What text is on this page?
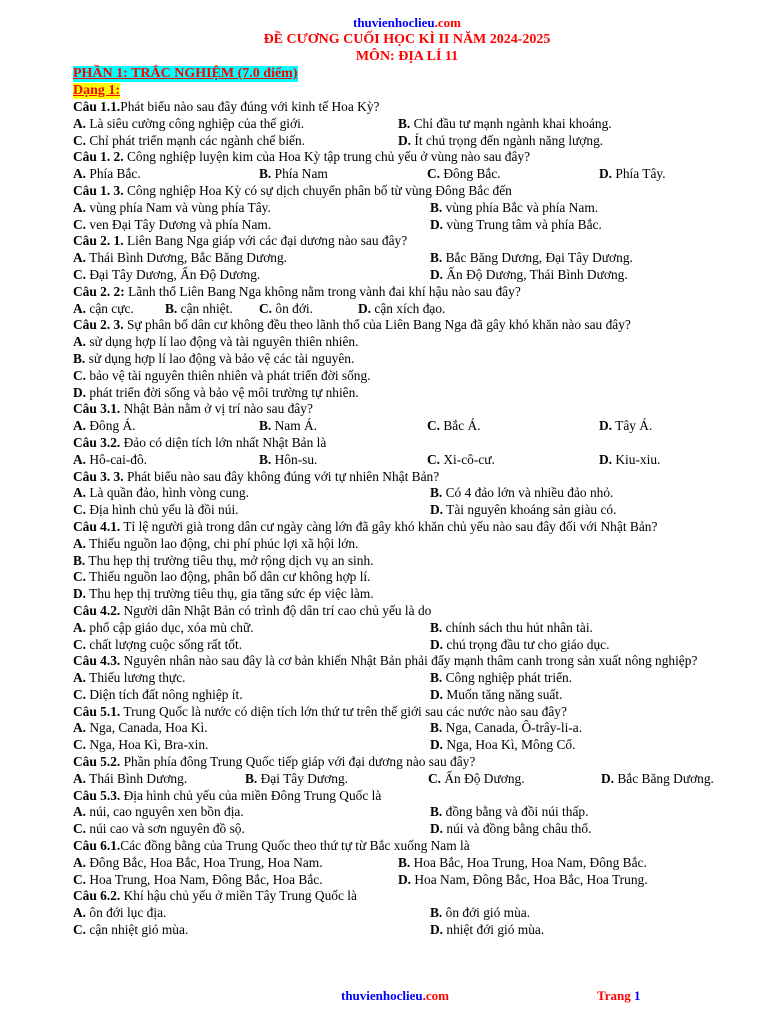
thuvienhoclieu.com
ĐỀ CƯƠNG CUỐI HỌC KÌ II NĂM 2024-2025
MÔN: ĐỊA LÍ 11
PHẦN 1: TRẮC NGHIỆM (7.0 điểm)
Dạng 1:
Câu 1.1.Phát biểu nào sau đây đúng với kinh tế Hoa Kỳ?
A. Là siêu cường công nghiệp của thế giới.	B. Chỉ đầu tư mạnh ngành khai khoáng.
C. Chỉ phát triển mạnh các ngành chế biến.	D. Ít chú trọng đến ngành năng lượng.
Câu 1. 2. Công nghiệp luyện kim của Hoa Kỳ tập trung chủ yếu ở vùng nào sau đây?
A. Phía Bắc.	B. Phía Nam	C. Đông Bắc.	D. Phía Tây.
Câu 1. 3. Công nghiệp Hoa Kỳ có sự dịch chuyển phân bố từ vùng Đông Bắc đến
A. vùng phía Nam và vùng phía Tây.	B. vùng phía Bắc và phía Nam.
C. ven Đại Tây Dương và phía Nam.	D. vùng Trung tâm và phía Bắc.
Câu 2. 1. Liên Bang Nga giáp với các đại dương nào sau đây?
A. Thái Bình Dương, Bắc Băng Dương.	B. Bắc Băng Dương, Đại Tây Dương.
C. Đại Tây Dương, Ấn Độ Dương.	D. Ấn Độ Dương, Thái Bình Dương.
Câu 2. 2: Lãnh thổ Liên Bang Nga không nằm trong vành đai khí hậu nào sau đây?
A. cận cực. B. cận nhiệt. C. ôn đới.	D. cận xích đạo.
Câu 2. 3. Sự phân bố dân cư không đều theo lãnh thổ của Liên Bang Nga đã gây khó khăn nào sau đây?
A. sử dụng hợp lí lao động và tài nguyên thiên nhiên.
B. sử dụng hợp lí lao động và bảo vệ các tài nguyên.
C. bảo vệ tài nguyên thiên nhiên và phát triển đời sống.
D. phát triển đời sống và bảo vệ môi trường tự nhiên.
Câu 3.1. Nhật Bản nằm ở vị trí nào sau đây?
A. Đông Á.	B. Nam Á.	C. Bắc Á.	D. Tây Á.
Câu 3.2. Đảo có diện tích lớn nhất Nhật Bản là
A. Hô-cai-đô.	B. Hôn-su.	C. Xi-cô-cư.	D. Kiu-xiu.
Câu 3. 3. Phát biểu nào sau đây không đúng với tự nhiên Nhật Bản?
A. Là quần đảo, hình vòng cung.	B. Có 4 đảo lớn và nhiều đảo nhỏ.
C. Địa hình chủ yếu là đồi núi.	D. Tài nguyên khoáng sản giàu có.
Câu 4.1. Tỉ lệ người già trong dân cư ngày càng lớn đã gây khó khăn chủ yếu nào sau đây đối với Nhật Bản?
A. Thiếu nguồn lao động, chi phí phúc lợi xã hội lớn.
B. Thu hẹp thị trường tiêu thụ, mở rộng dịch vụ an sinh.
C. Thiếu nguồn lao động, phân bố dân cư không hợp lí.
D. Thu hẹp thị trường tiêu thụ, gia tăng sức ép việc làm.
Câu 4.2. Người dân Nhật Bản có trình độ dân trí cao chủ yếu là do
A. phổ cập giáo dục, xóa mù chữ.	B. chính sách thu hút nhân tài.
C. chất lượng cuộc sống rất tốt.	D. chú trọng đầu tư cho giáo dục.
Câu 4.3. Nguyên nhân nào sau đây là cơ bản khiến Nhật Bản phải đẩy mạnh thâm canh trong sản xuất nông nghiệp?
A. Thiếu lương thực.	B. Công nghiệp phát triển.
C. Diện tích đất nông nghiệp ít.	D. Muốn tăng năng suất.
Câu 5.1. Trung Quốc là nước có diện tích lớn thứ tư trên thế giới sau các nước nào sau đây?
A. Nga, Canada, Hoa Kì.	B. Nga, Canada, Ô-trây-li-a.
C. Nga, Hoa Kì, Bra-xin.	D. Nga, Hoa Kì, Mông Cổ.
Câu 5.2. Phần phía đông Trung Quốc tiếp giáp với đại dương nào sau đây?
A. Thái Bình Dương.	B. Đại Tây Dương.	C. Ấn Độ Dương.	D. Bắc Băng Dương.
Câu 5.3. Địa hình chủ yếu của miền Đông Trung Quốc là
A. núi, cao nguyên xen bồn địa.	B. đồng bằng và đồi núi thấp.
C. núi cao và sơn nguyên đồ sộ.	D. núi và đồng bằng châu thổ.
Câu 6.1.Các đồng bằng của Trung Quốc theo thứ tự từ Bắc xuống Nam là
A. Đông Bắc, Hoa Bắc, Hoa Trung, Hoa Nam.	B. Hoa Bắc, Hoa Trung, Hoa Nam, Đông Bắc.
C. Hoa Trung, Hoa Nam, Đông Bắc, Hoa Bắc.	D. Hoa Nam, Đông Bắc, Hoa Bắc, Hoa Trung.
Câu 6.2. Khí hậu chủ yếu ở miền Tây Trung Quốc là
A. ôn đới lục địa.	B. ôn đới gió mùa.
C. cận nhiệt gió mùa.	D. nhiệt đới gió mùa.
thuvienhoclieu.com	Trang 1
